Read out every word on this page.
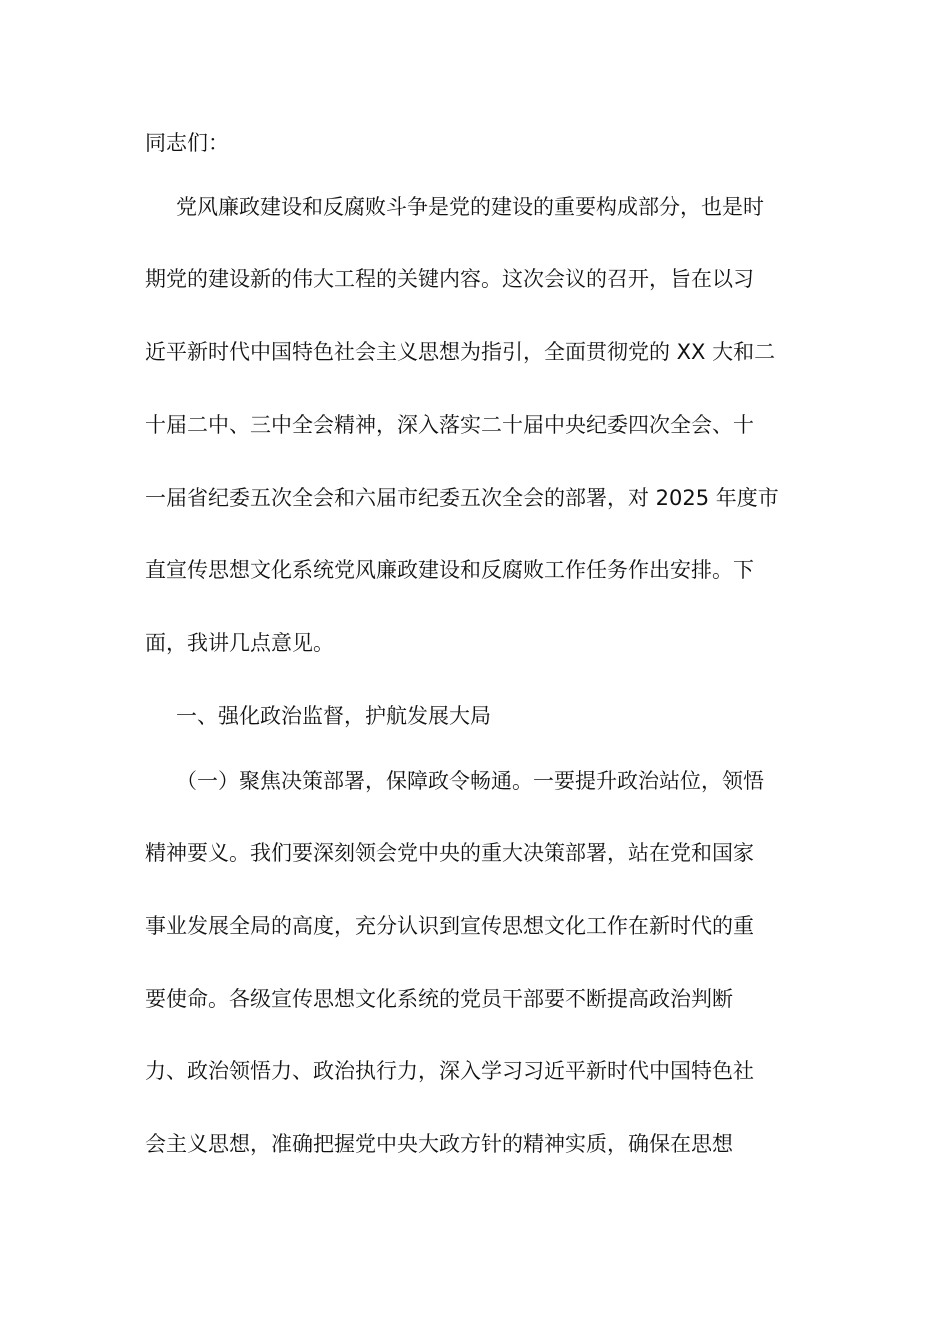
同志们：
党风廉政建设和反腐败斗争是党的建设的重要构成部分，也是时
期党的建设新的伟大工程的关键内容。这次会议的召开，旨在以习
近平新时代中国特色社会主义思想为指引，全面贯彻党的 XX 大和二
十届二中、三中全会精神，深入落实二十届中央纪委四次全会、十
一届省纪委五次全会和六届市纪委五次全会的部署，对 2025 年度市
直宣传思想文化系统党风廉政建设和反腐败工作任务作出安排。下
面，我讲几点意见。
一、强化政治监督，护航发展大局
（一）聚焦决策部署，保障政令畅通。一要提升政治站位，领悟
精神要义。我们要深刻领会党中央的重大决策部署，站在党和国家
事业发展全局的高度，充分认识到宣传思想文化工作在新时代的重
要使命。各级宣传思想文化系统的党员干部要不断提高政治判断
力、政治领悟力、政治执行力，深入学习习近平新时代中国特色社
会主义思想，准确把握党中央大政方针的精神实质，确保在思想
